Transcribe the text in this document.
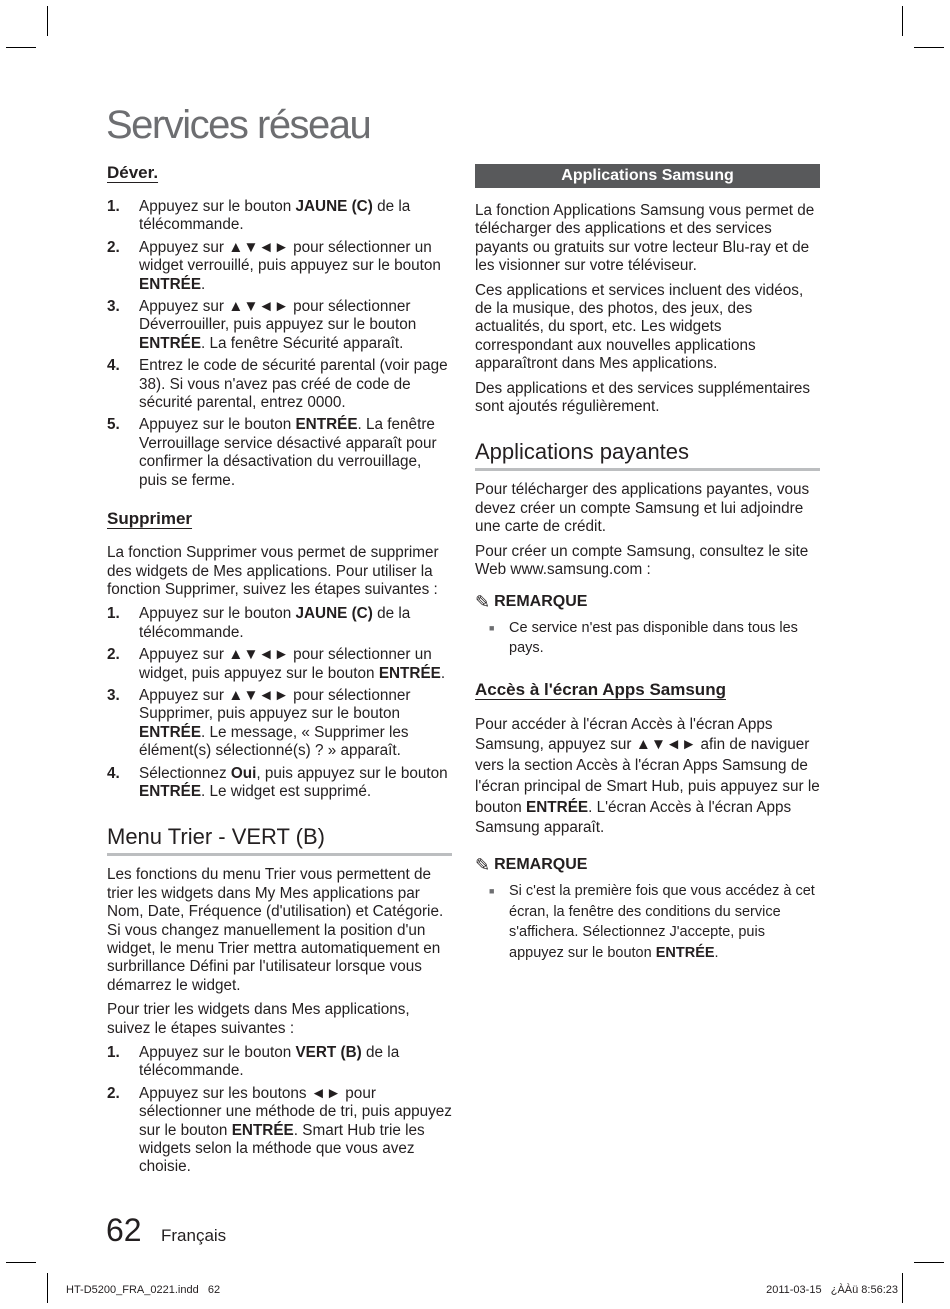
Services réseau
Déver.
1.	Appuyez sur le bouton JAUNE (C) de la télécommande.
2.	Appuyez sur ▲▼◄► pour sélectionner un widget verrouillé, puis appuyez sur le bouton ENTRÉE.
3.	Appuyez sur ▲▼◄► pour sélectionner Déverrouiller, puis appuyez sur le bouton ENTRÉE. La fenêtre Sécurité apparaît.
4.	Entrez le code de sécurité parental (voir page 38). Si vous n'avez pas créé de code de sécurité parental, entrez 0000.
5.	Appuyez sur le bouton ENTRÉE. La fenêtre Verrouillage service désactivé apparaît pour confirmer la désactivation du verrouillage, puis se ferme.
Supprimer

La fonction Supprimer vous permet de supprimer des widgets de Mes applications. Pour utiliser la fonction Supprimer, suivez les étapes suivantes :

1.	Appuyez sur le bouton JAUNE (C) de la télécommande.
2.	Appuyez sur ▲▼◄► pour sélectionner un widget, puis appuyez sur le bouton ENTRÉE.
3.	Appuyez sur ▲▼◄► pour sélectionner Supprimer, puis appuyez sur le bouton ENTRÉE. Le message, « Supprimer les élément(s) sélectionné(s) ? » apparaît.
4.	Sélectionnez Oui, puis appuyez sur le bouton ENTRÉE. Le widget est supprimé.
Menu Trier - VERT (B)

Les fonctions du menu Trier vous permettent de trier les widgets dans My Mes applications par Nom, Date, Fréquence (d'utilisation) et Catégorie. Si vous changez manuellement la position d'un widget, le menu Trier mettra automatiquement en surbrillance Défini par l'utilisateur lorsque vous démarrez le widget.

Pour trier les widgets dans Mes applications, suivez le étapes suivantes :

1.	Appuyez sur le bouton VERT (B) de la télécommande.
2.	Appuyez sur les boutons ◄► pour sélectionner une méthode de tri, puis appuyez sur le bouton ENTRÉE. Smart Hub trie les widgets selon la méthode que vous avez choisie.
Applications Samsung

La fonction Applications Samsung vous permet de télécharger des applications et des services payants ou gratuits sur votre lecteur Blu-ray et de les visionner sur votre téléviseur.

Ces applications et services incluent des vidéos, de la musique, des photos, des jeux, des actualités, du sport, etc. Les widgets correspondant aux nouvelles applications apparaîtront dans Mes applications.

Des applications et des services supplémentaires sont ajoutés régulièrement.

Applications payantes

Pour télécharger des applications payantes, vous devez créer un compte Samsung et lui adjoindre une carte de crédit.

Pour créer un compte Samsung, consultez le site Web www.samsung.com :

✎ REMARQUE
■	Ce service n'est pas disponible dans tous les pays.
Accès à l'écran Apps Samsung

Pour accéder à l'écran Accès à l'écran Apps Samsung, appuyez sur ▲▼◄► afin de naviguer vers la section Accès à l'écran Apps Samsung de l'écran principal de Smart Hub, puis appuyez sur le bouton ENTRÉE. L'écran Accès à l'écran Apps Samsung apparaît.

✎ REMARQUE
■	Si c'est la première fois que vous accédez à cet écran, la fenêtre des conditions du service s'affichera. Sélectionnez J'accepte, puis appuyez sur le bouton ENTRÉE.
62 Français
HT-D5200_FRA_0221.indd   62	2011-03-15   ¿ÀÀü 8:56:23
